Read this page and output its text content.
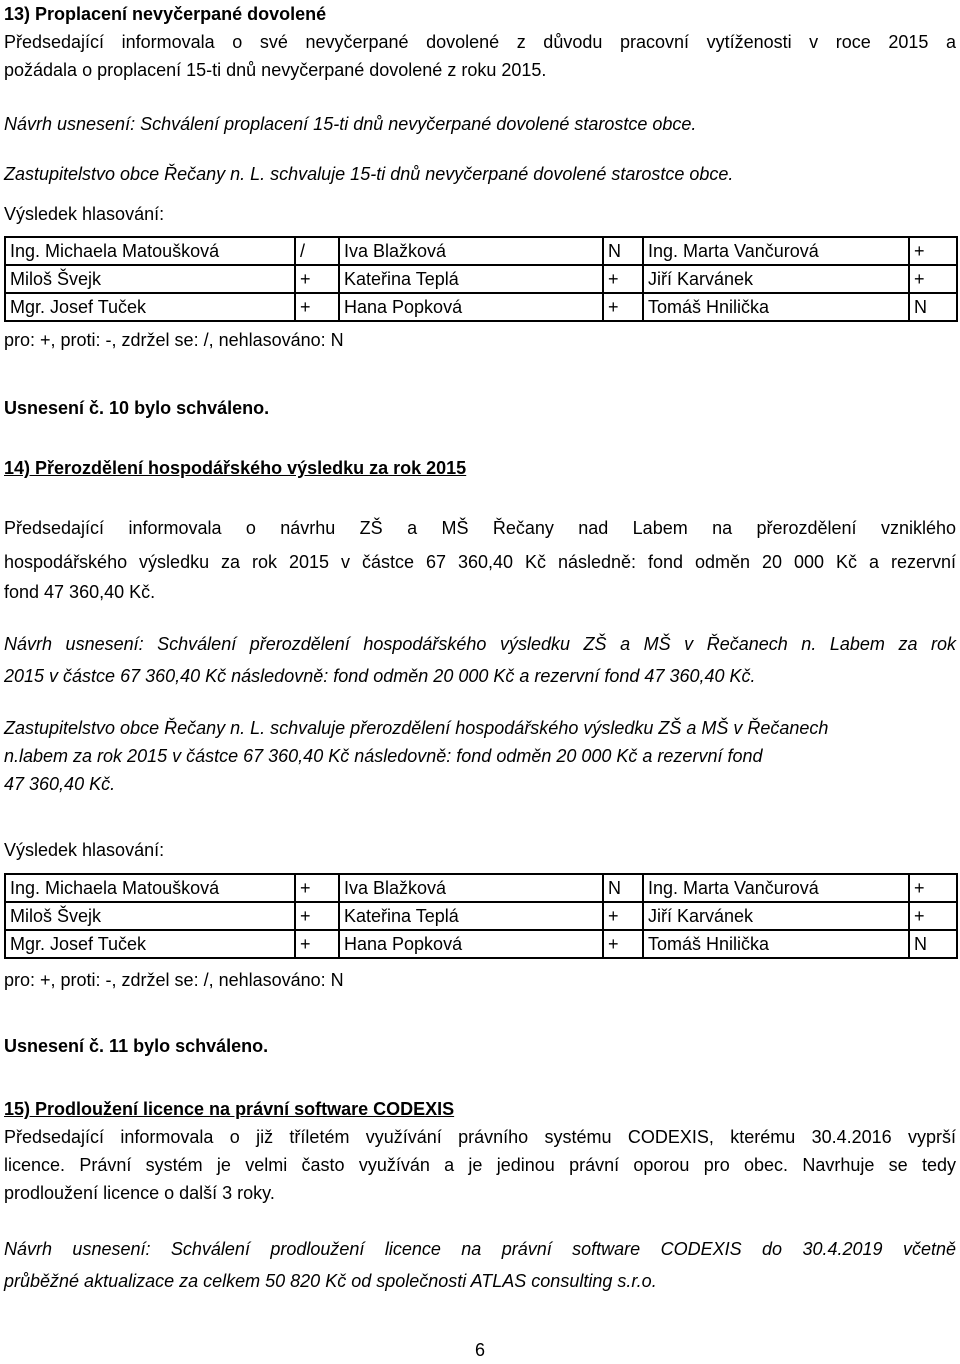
13) Proplacení nevyčerpané dovolené
Předsedající informovala o své nevyčerpané dovolené z důvodu pracovní vytíženosti v roce 2015 a
požádala o proplacení 15-ti dnů nevyčerpané dovolené z roku 2015.
Návrh usnesení: Schválení proplacení 15-ti dnů nevyčerpané dovolené starostce obce.
Zastupitelstvo obce Řečany n. L. schvaluje 15-ti dnů nevyčerpané dovolené starostce obce.
Výsledek hlasování:
Ing. Michaela Matoušková	/	Iva Blažková	N	Ing. Marta Vančurová	+
Miloš Švejk	+	Kateřina Teplá	+	Jiří Karvánek	+
Mgr. Josef Tuček	+	Hana Popková	+	Tomáš Hnilička	N
pro: +, proti: -, zdržel se: /, nehlasováno: N
Usnesení č. 10 bylo schváleno.
14) Přerozdělení hospodářského výsledku za rok 2015
Předsedající informovala o návrhu ZŠ a MŠ Řečany nad Labem na přerozdělení vzniklého
hospodářského výsledku za rok 2015 v částce 67 360,40 Kč následně: fond odměn 20 000 Kč a rezervní
fond 47 360,40 Kč.
Návrh usnesení: Schválení přerozdělení hospodářského výsledku ZŠ a MŠ v Řečanech n. Labem za rok
2015 v částce 67 360,40 Kč následovně: fond odměn 20 000 Kč a rezervní fond 47 360,40 Kč.
Zastupitelstvo obce Řečany n. L. schvaluje přerozdělení hospodářského výsledku ZŠ a MŠ v Řečanech
n.labem za rok 2015 v částce 67 360,40 Kč následovně: fond odměn 20 000 Kč a rezervní fond
47 360,40 Kč.
Výsledek hlasování:
Ing. Michaela Matoušková	+	Iva Blažková	N	Ing. Marta Vančurová	+
Miloš Švejk	+	Kateřina Teplá	+	Jiří Karvánek	+
Mgr. Josef Tuček	+	Hana Popková	+	Tomáš Hnilička	N
pro: +, proti: -, zdržel se: /, nehlasováno: N
Usnesení č. 11 bylo schváleno.
15) Prodloužení licence na právní software CODEXIS
Předsedající informovala o již tříletém využívání právního systému CODEXIS, kterému 30.4.2016 vyprší
licence. Právní systém je velmi často využíván a je jedinou právní oporou pro obec. Navrhuje se tedy
prodloužení licence o další 3 roky.
Návrh usnesení: Schválení prodloužení licence na právní software CODEXIS do 30.4.2019 včetně
průběžné aktualizace za celkem 50 820 Kč od společnosti ATLAS consulting s.r.o.
6
